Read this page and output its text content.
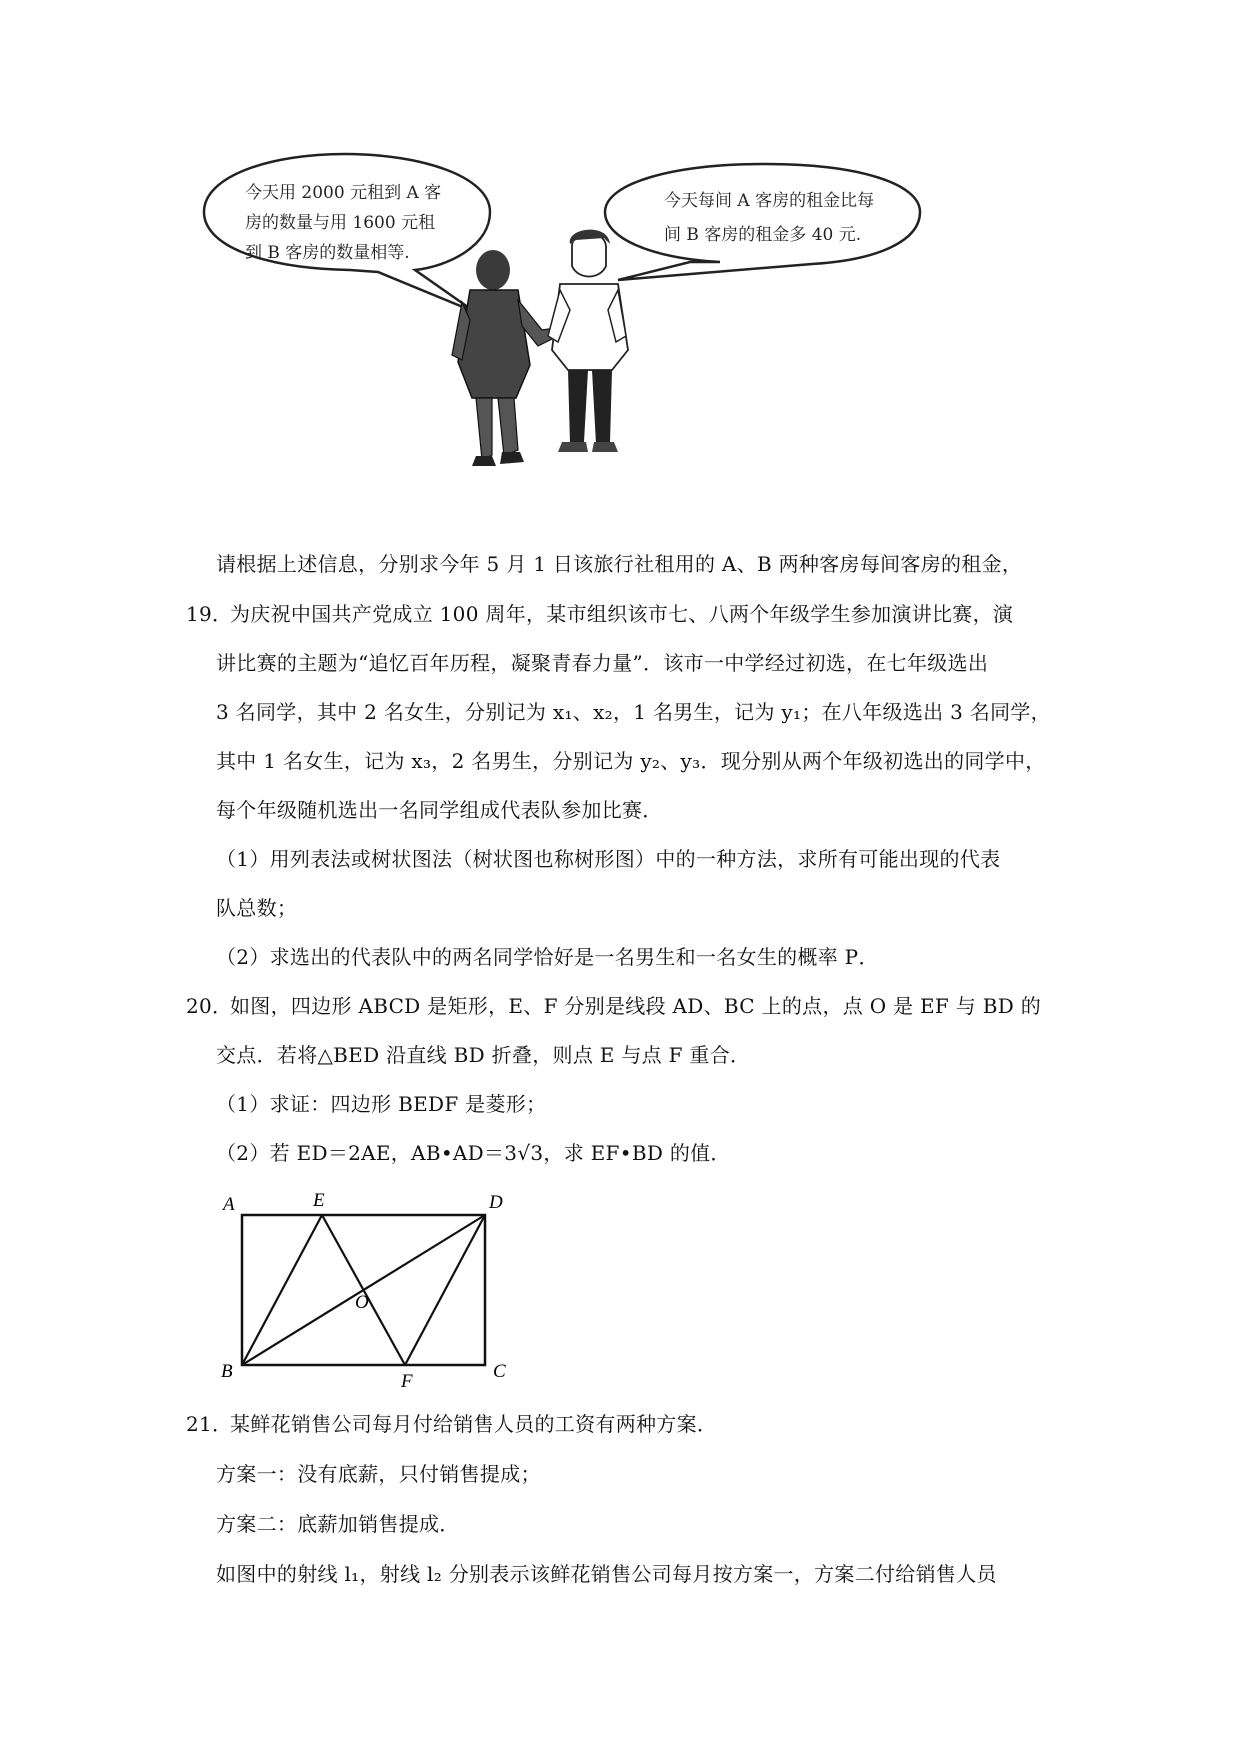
今天用 2000 元租到 A 客
房的数量与用 1600 元租
到 B 客房的数量相等.
今天每间 A 客房的租金比每
间 B 客房的租金多 40 元.
请根据上述信息，分别求今年 5 月 1 日该旅行社租用的 A、B 两种客房每间客房的租金，
19．
为庆祝中国共产党成立 100 周年，某市组织该市七、八两个年级学生参加演讲比赛，演
讲比赛的主题为“追忆百年历程，凝聚青春力量”．该市一中学经过初选，在七年级选出
3 名同学，其中 2 名女生，分别记为 x₁、x₂，1 名男生，记为 y₁；在八年级选出 3 名同学，
其中 1 名女生，记为 x₃，2 名男生，分别记为 y₂、y₃．现分别从两个年级初选出的同学中，
每个年级随机选出一名同学组成代表队参加比赛．
（1）用列表法或树状图法（树状图也称树形图）中的一种方法，求所有可能出现的代表
队总数；
（2）求选出的代表队中的两名同学恰好是一名男生和一名女生的概率 P．
20．
如图，四边形 ABCD 是矩形，E、F 分别是线段 AD、BC 上的点，点 O 是 EF 与 BD 的
交点．若将△BED 沿直线 BD 折叠，则点 E 与点 F 重合．
（1）求证：四边形 BEDF 是菱形；
（2）若 ED＝2AE，AB•AD＝3√3，求 EF•BD 的值．
A	E	D
O
B	C
F
21．
某鲜花销售公司每月付给销售人员的工资有两种方案．
方案一：没有底薪，只付销售提成；
方案二：底薪加销售提成．
如图中的射线 l₁，射线 l₂ 分别表示该鲜花销售公司每月按方案一，方案二付给销售人员
